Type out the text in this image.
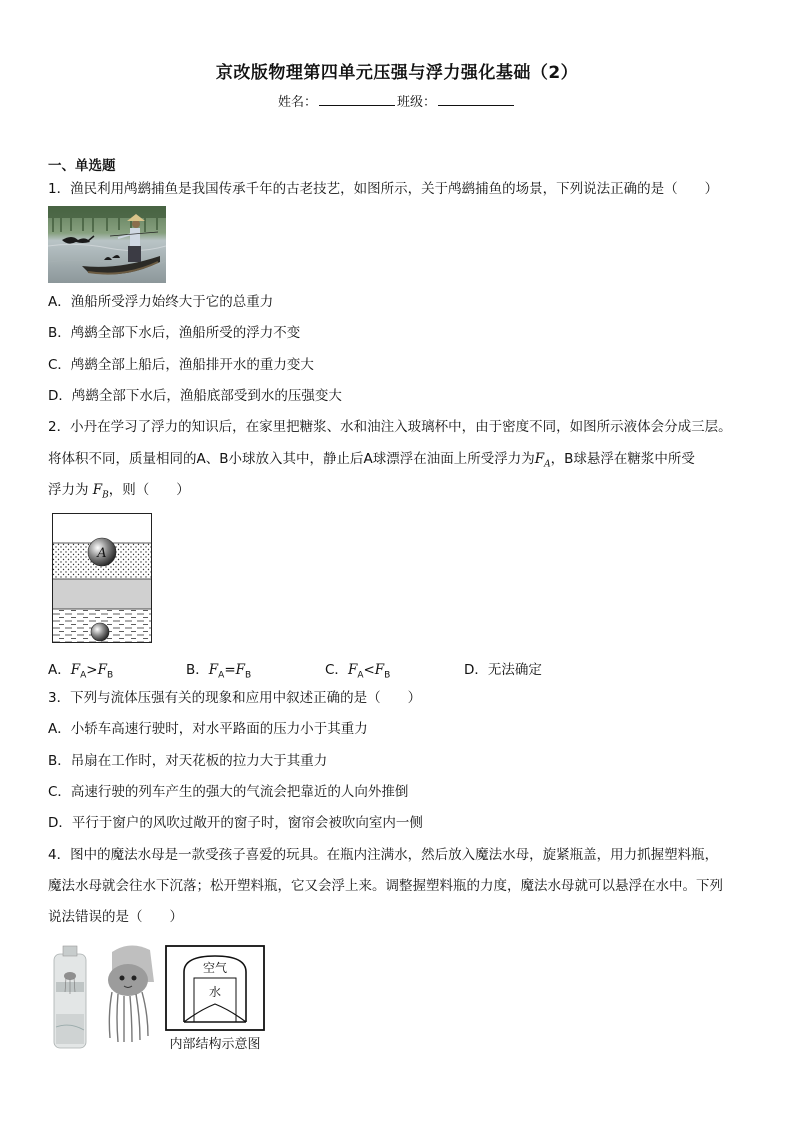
京改版物理第四单元压强与浮力强化基础（2）
姓名：	班级：
一、单选题
1．渔民利用鸬鹚捕鱼是我国传承千年的古老技艺，如图所示，关于鸬鹚捕鱼的场景，下列说法正确的是（　　）
A．渔船所受浮力始终大于它的总重力
B．鸬鹚全部下水后，渔船所受的浮力不变
C．鸬鹚全部上船后，渔船排开水的重力变大
D．鸬鹚全部下水后，渔船底部受到水的压强变大
2．小丹在学习了浮力的知识后，在家里把糖浆、水和油注入玻璃杯中，由于密度不同，如图所示液体会分成三层。
将体积不同，质量相同的A、B小球放入其中，静止后A球漂浮在油面上所受浮力为$F_A$，B球悬浮在糖浆中所受
浮力为 $F_B$，则（　　）
A
A．$F_A>F_B$	B．$F_A=F_B$	C．$F_A<F_B$	D．无法确定
3．下列与流体压强有关的现象和应用中叙述正确的是（　　）
A．小轿车高速行驶时，对水平路面的压力小于其重力
B．吊扇在工作时，对天花板的拉力大于其重力
C．高速行驶的列车产生的强大的气流会把靠近的人向外推倒
D．平行于窗户的风吹过敞开的窗子时，窗帘会被吹向室内一侧
4．图中的魔法水母是一款受孩子喜爱的玩具。在瓶内注满水，然后放入魔法水母，旋紧瓶盖，用力抓握塑料瓶，
魔法水母就会往水下沉落；松开塑料瓶，它又会浮上来。调整握塑料瓶的力度，魔法水母就可以悬浮在水中。下列
说法错误的是（　　）
空气
水
内部结构示意图
